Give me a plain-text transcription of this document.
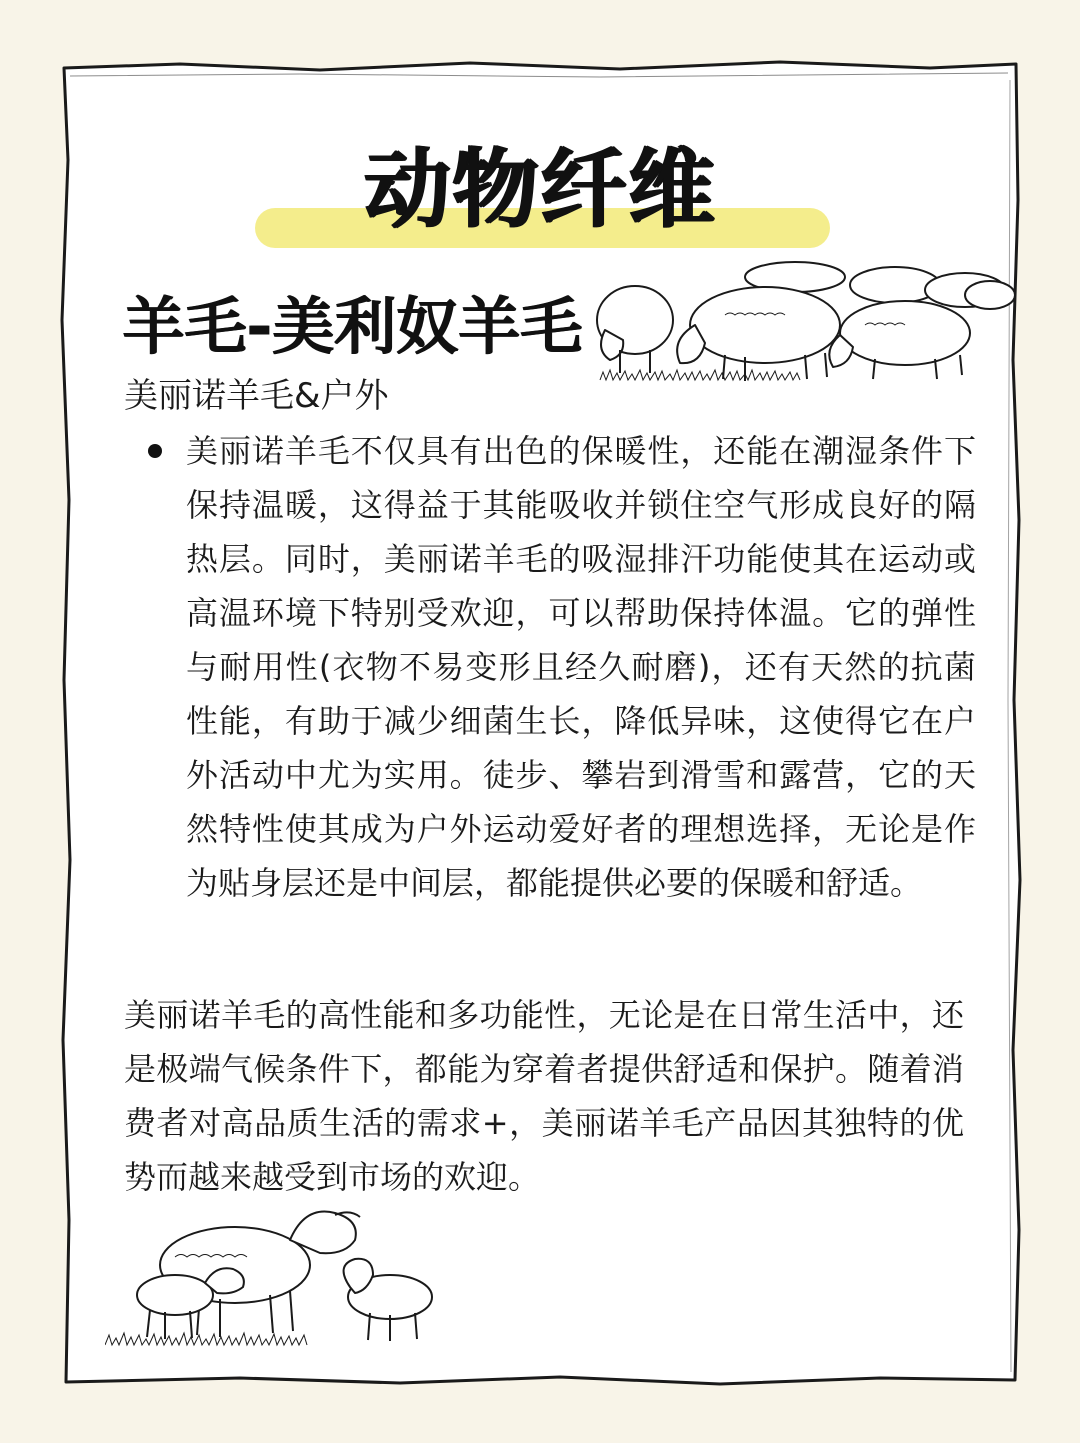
动物纤维
羊毛-美利奴羊毛
美丽诺羊毛&户外
美丽诺羊毛不仅具有出色的保暖性，还能在潮湿条件下保持温暖，这得益于其能吸收并锁住空气形成良好的隔热层。同时，美丽诺羊毛的吸湿排汗功能使其在运动或高温环境下特别受欢迎，可以帮助保持体温。它的弹性与耐用性(衣物不易变形且经久耐磨)，还有天然的抗菌性能，有助于减少细菌生长，降低异味，这使得它在户外活动中尤为实用。徒步、攀岩到滑雪和露营，它的天然特性使其成为户外运动爱好者的理想选择，无论是作为贴身层还是中间层，都能提供必要的保暖和舒适。
美丽诺羊毛的高性能和多功能性，无论是在日常生活中，还是极端气候条件下，都能为穿着者提供舒适和保护。随着消费者对高品质生活的需求+，美丽诺羊毛产品因其独特的优势而越来越受到市场的欢迎。
